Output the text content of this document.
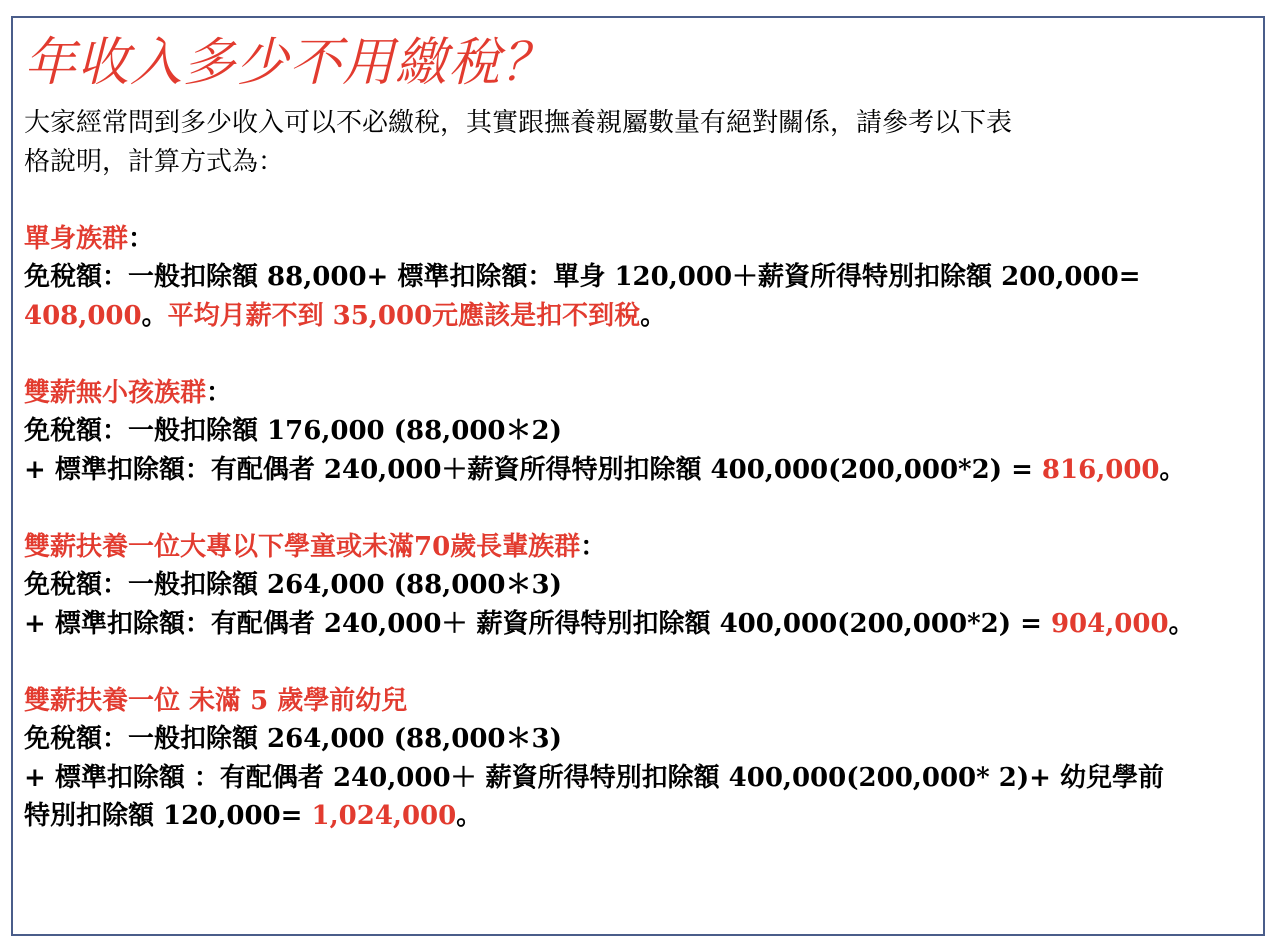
年收入多少不用繳稅？
大家經常問到多少收入可以不必繳稅，其實跟撫養親屬數量有絕對關係，請參考以下表
格說明，計算方式為：
單身族群：
免稅額：一般扣除額 88,000+ 標準扣除額：單身 120,000＋薪資所得特別扣除額 200,000=
408,000。平均月薪不到 35,000元應該是扣不到稅。
雙薪無小孩族群：
免稅額：一般扣除額 176,000 (88,000＊2)
+ 標準扣除額：有配偶者 240,000＋薪資所得特別扣除額 400,000(200,000*2) = 816,000。
雙薪扶養一位大專以下學童或未滿70歲長輩族群：
免稅額：一般扣除額 264,000 (88,000＊3)
+ 標準扣除額：有配偶者 240,000＋ 薪資所得特別扣除額 400,000(200,000*2) = 904,000。
雙薪扶養一位 未滿 5 歲學前幼兒
免稅額：一般扣除額 264,000 (88,000＊3)
+ 標準扣除額 ：有配偶者 240,000＋ 薪資所得特別扣除額 400,000(200,000* 2)+ 幼兒學前
特別扣除額 120,000= 1,024,000。
